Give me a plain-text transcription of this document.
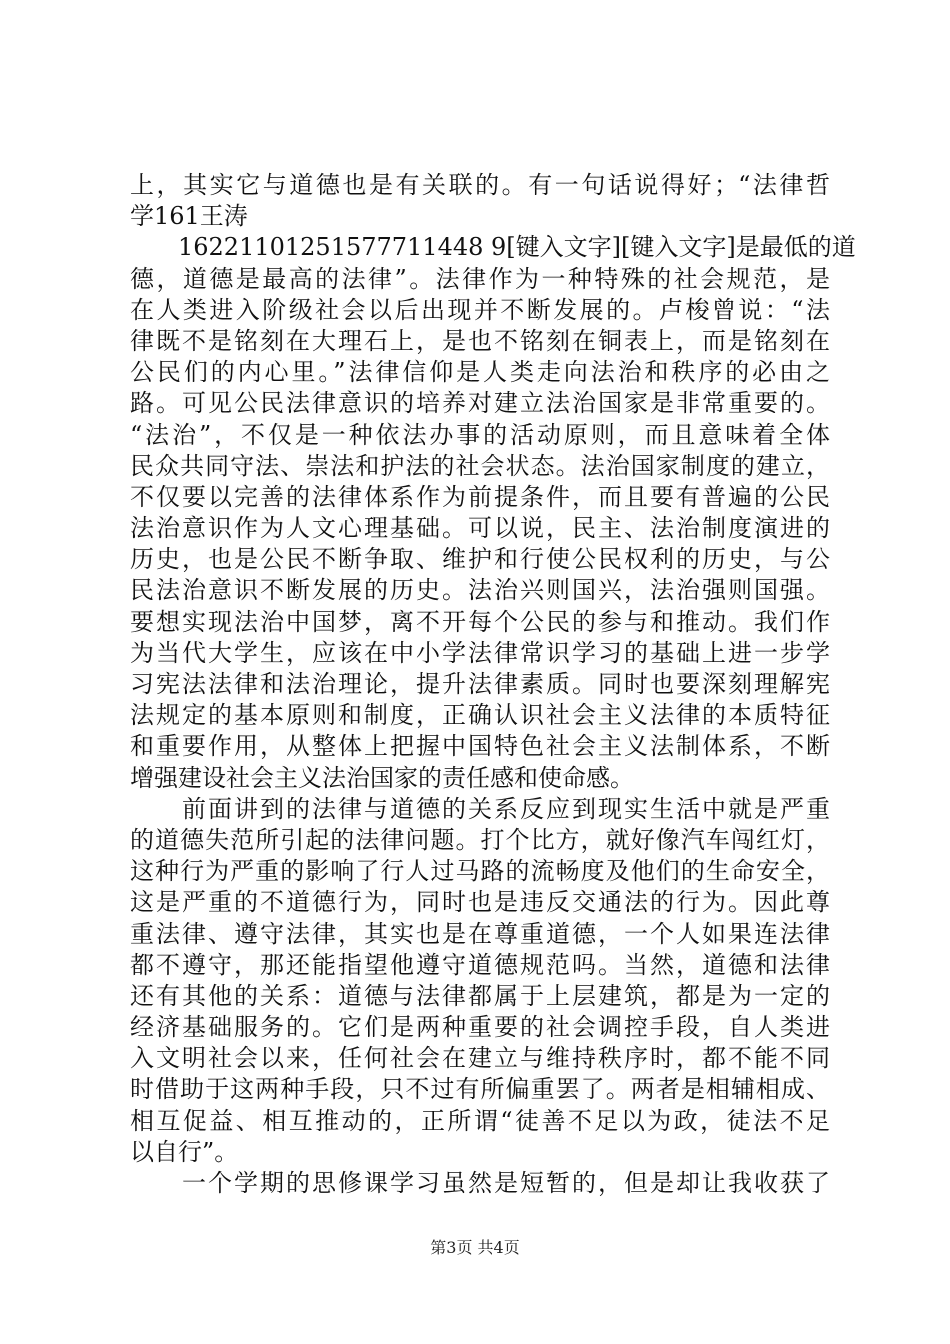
上，其实它与道德也是有关联的。有一句话说得好；“法律哲
学161王涛
　　16221101251577711448 9[键入文字][键入文字]是最低的道
德，道德是最高的法律”。法律作为一种特殊的社会规范，是
在人类进入阶级社会以后出现并不断发展的。卢梭曾说：“法
律既不是铭刻在大理石上，是也不铭刻在铜表上，而是铭刻在
公民们的内心里。”法律信仰是人类走向法治和秩序的必由之
路。可见公民法律意识的培养对建立法治国家是非常重要的。
“法治”，不仅是一种依法办事的活动原则，而且意味着全体
民众共同守法、崇法和护法的社会状态。法治国家制度的建立，
不仅要以完善的法律体系作为前提条件，而且要有普遍的公民
法治意识作为人文心理基础。可以说，民主、法治制度演进的
历史，也是公民不断争取、维护和行使公民权利的历史，与公
民法治意识不断发展的历史。法治兴则国兴，法治强则国强。
要想实现法治中国梦，离不开每个公民的参与和推动。我们作
为当代大学生，应该在中小学法律常识学习的基础上进一步学
习宪法法律和法治理论，提升法律素质。同时也要深刻理解宪
法规定的基本原则和制度，正确认识社会主义法律的本质特征
和重要作用，从整体上把握中国特色社会主义法制体系，不断
增强建设社会主义法治国家的责任感和使命感。
　　前面讲到的法律与道德的关系反应到现实生活中就是严重
的道德失范所引起的法律问题。打个比方，就好像汽车闯红灯，
这种行为严重的影响了行人过马路的流畅度及他们的生命安全，
这是严重的不道德行为，同时也是违反交通法的行为。因此尊
重法律、遵守法律，其实也是在尊重道德，一个人如果连法律
都不遵守，那还能指望他遵守道德规范吗。当然，道德和法律
还有其他的关系：道德与法律都属于上层建筑，都是为一定的
经济基础服务的。它们是两种重要的社会调控手段，自人类进
入文明社会以来，任何社会在建立与维持秩序时，都不能不同
时借助于这两种手段，只不过有所偏重罢了。两者是相辅相成、
相互促益、相互推动的，正所谓“徒善不足以为政，徒法不足
以自行”。
　　一个学期的思修课学习虽然是短暂的，但是却让我收获了
第3页 共4页
